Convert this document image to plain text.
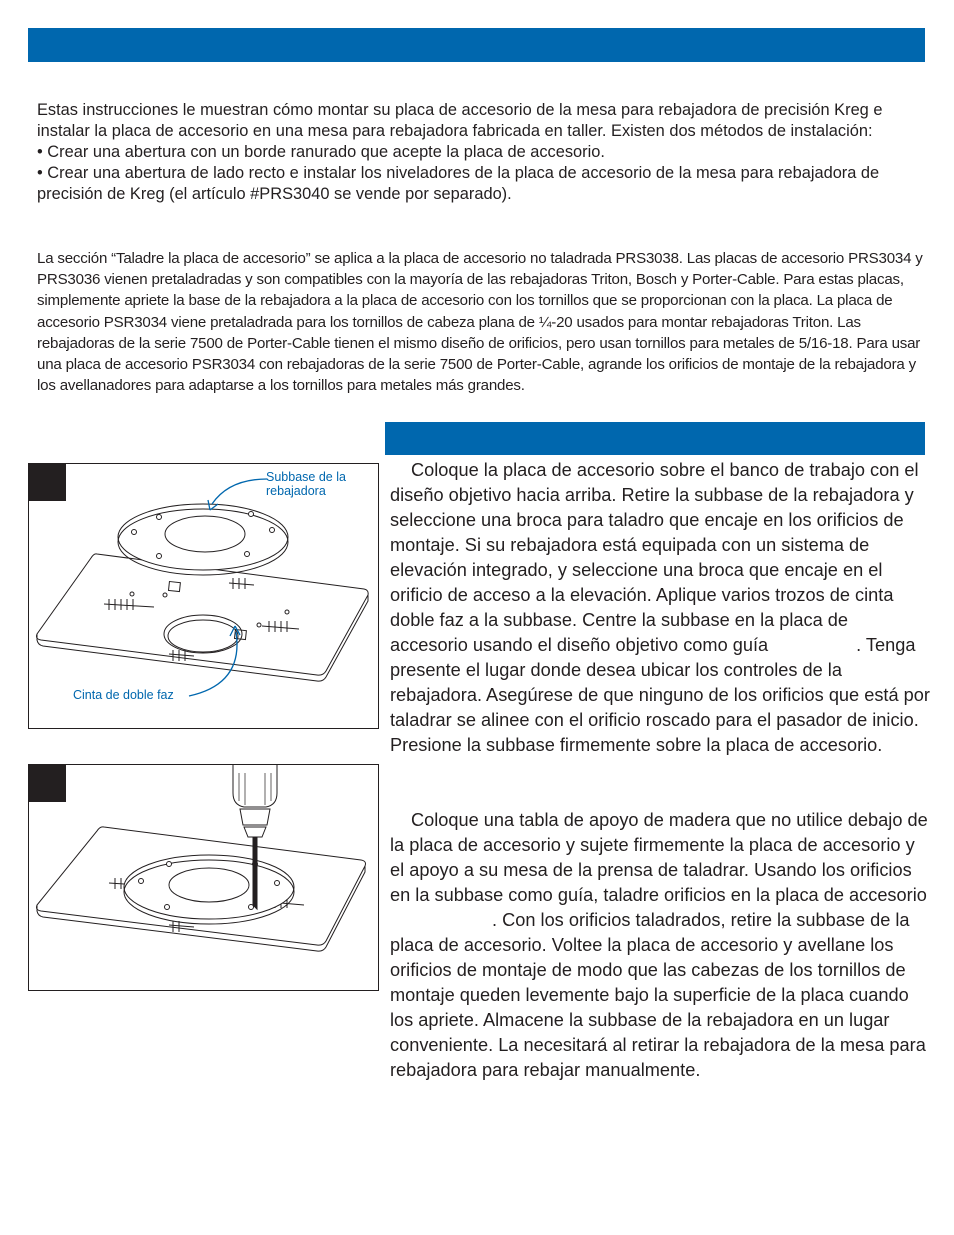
Estas instrucciones le muestran cómo montar su placa de accesorio de la mesa para rebajadora de precisión Kreg e instalar la placa de accesorio en una mesa para rebajadora fabricada en taller. Existen dos métodos de instalación:
• Crear una abertura con un borde ranurado que acepte la placa de accesorio.
• Crear una abertura de lado recto e instalar los niveladores de la placa de accesorio de la mesa para rebajadora de precisión de Kreg (el artículo #PRS3040 se vende por separado).

La sección “Taladre la placa de accesorio” se aplica a la placa de accesorio no taladrada PRS3038. Las placas de accesorio PRS3034 y PRS3036 vienen pretaladradas y son compatibles con la mayoría de las rebajadoras Triton, Bosch y Porter-Cable. Para estas placas, simplemente apriete la base de la rebajadora a la placa de accesorio con los tornillos que se proporcionan con la placa. La placa de accesorio PSR3034 viene pretaladrada para los tornillos de cabeza plana de ¼-20 usados para montar rebajadoras Triton. Las rebajadoras de la serie 7500 de Porter-Cable tienen el mismo diseño de orificios, pero usan tornillos para metales de 5/16-18. Para usar una placa de accesorio PSR3034 con rebajadoras de la serie 7500 de Porter-Cable, agrande los orificios de montaje de la rebajadora y los avellanadores para adaptarse a los tornillos para metales más grandes.

Subbase de la rebajadora
Cinta de doble faz

Coloque la placa de accesorio sobre el banco de trabajo con el diseño objetivo hacia arriba. Retire la subbase de la rebajadora y seleccione una broca para taladro que encaje en los orificios de montaje. Si su rebajadora está equipada con un sistema de elevación integrado, y seleccione una broca que encaje en el orificio de acceso a la elevación. Aplique varios trozos de cinta doble faz a la subbase. Centre la subbase en la placa de accesorio usando el diseño objetivo como guía	. Tenga presente el lugar donde desea ubicar los controles de la rebajadora. Asegúrese de que ninguno de los orificios que está por taladrar se alinee con el orificio roscado para el pasador de inicio. Presione la subbase firmemente sobre la placa de accesorio.

Coloque una tabla de apoyo de madera que no utilice debajo de la placa de accesorio y sujete firmemente la placa de accesorio y el apoyo a su mesa de la prensa de taladrar. Usando los orificios en la subbase como guía, taladre orificios en la placa de accesorio. Con los orificios taladrados, retire la subbase de la placa de accesorio. Voltee la placa de accesorio y avellane los orificios de montaje de modo que las cabezas de los tornillos de montaje queden levemente bajo la superficie de la placa cuando los apriete. Almacene la subbase de la rebajadora en un lugar conveniente. La necesitará al retirar la rebajadora de la mesa para rebajadora para rebajar manualmente.
